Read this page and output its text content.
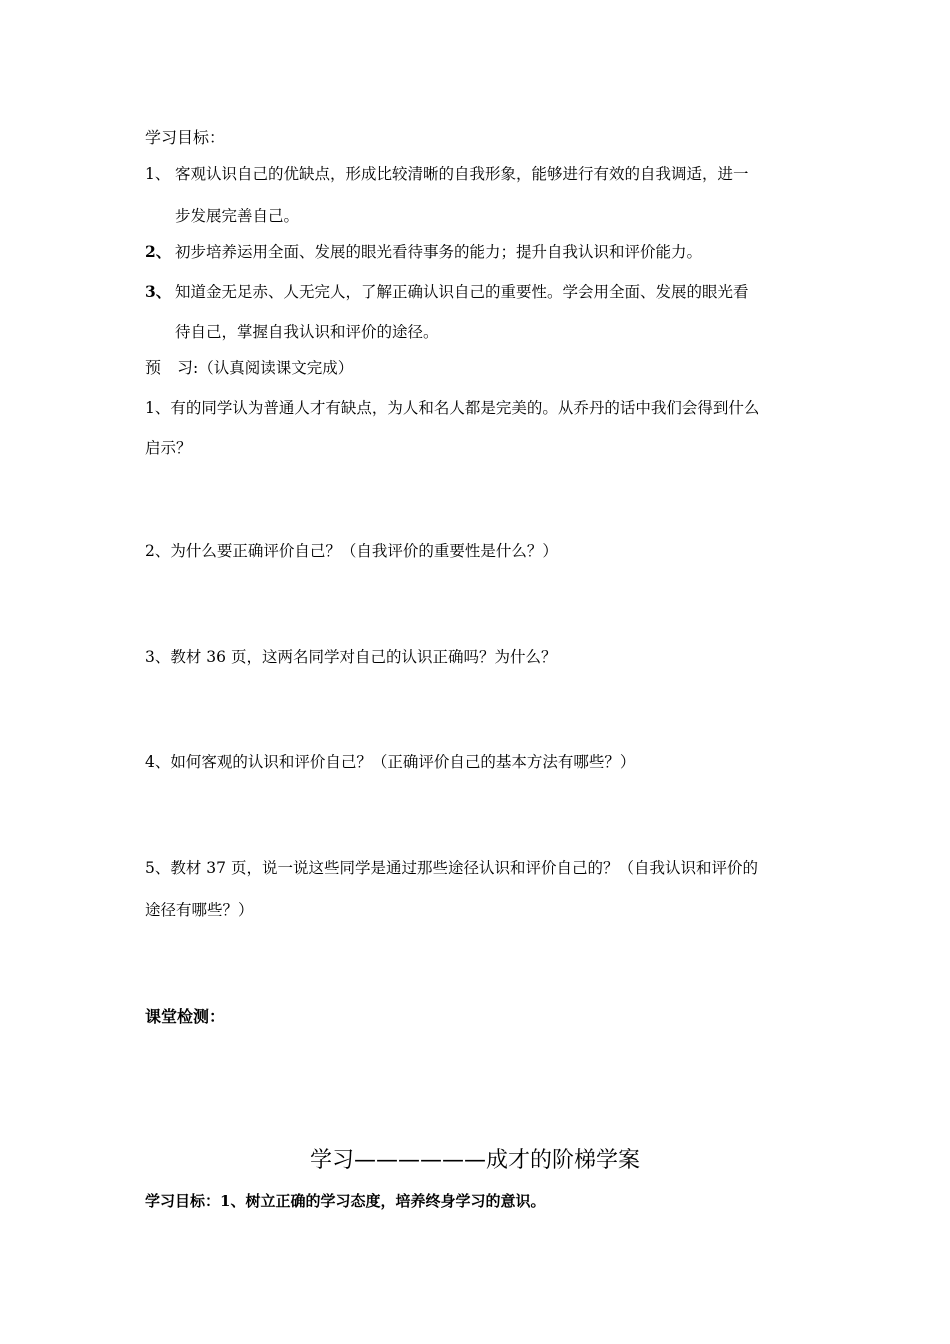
学习目标：
1、 客观认识自己的优缺点，形成比较清晰的自我形象，能够进行有效的自我调适，进一
步发展完善自己。
2、 初步培养运用全面、发展的眼光看待事务的能力；提升自我认识和评价能力。
3、 知道金无足赤、人无完人，了解正确认识自己的重要性。学会用全面、发展的眼光看
待自己，掌握自我认识和评价的途径。
预　习:（认真阅读课文完成）
1、有的同学认为普通人才有缺点，为人和名人都是完美的。从乔丹的话中我们会得到什么
启示？
2、为什么要正确评价自己？（自我评价的重要性是什么？）
3、教材 36 页，这两名同学对自己的认识正确吗？为什么？
4、如何客观的认识和评价自己？（正确评价自己的基本方法有哪些？）
5、教材 37 页，说一说这些同学是通过那些途径认识和评价自己的？（自我认识和评价的
途径有哪些？）
课堂检测：
学习——————成才的阶梯学案
学习目标：1、树立正确的学习态度，培养终身学习的意识。
